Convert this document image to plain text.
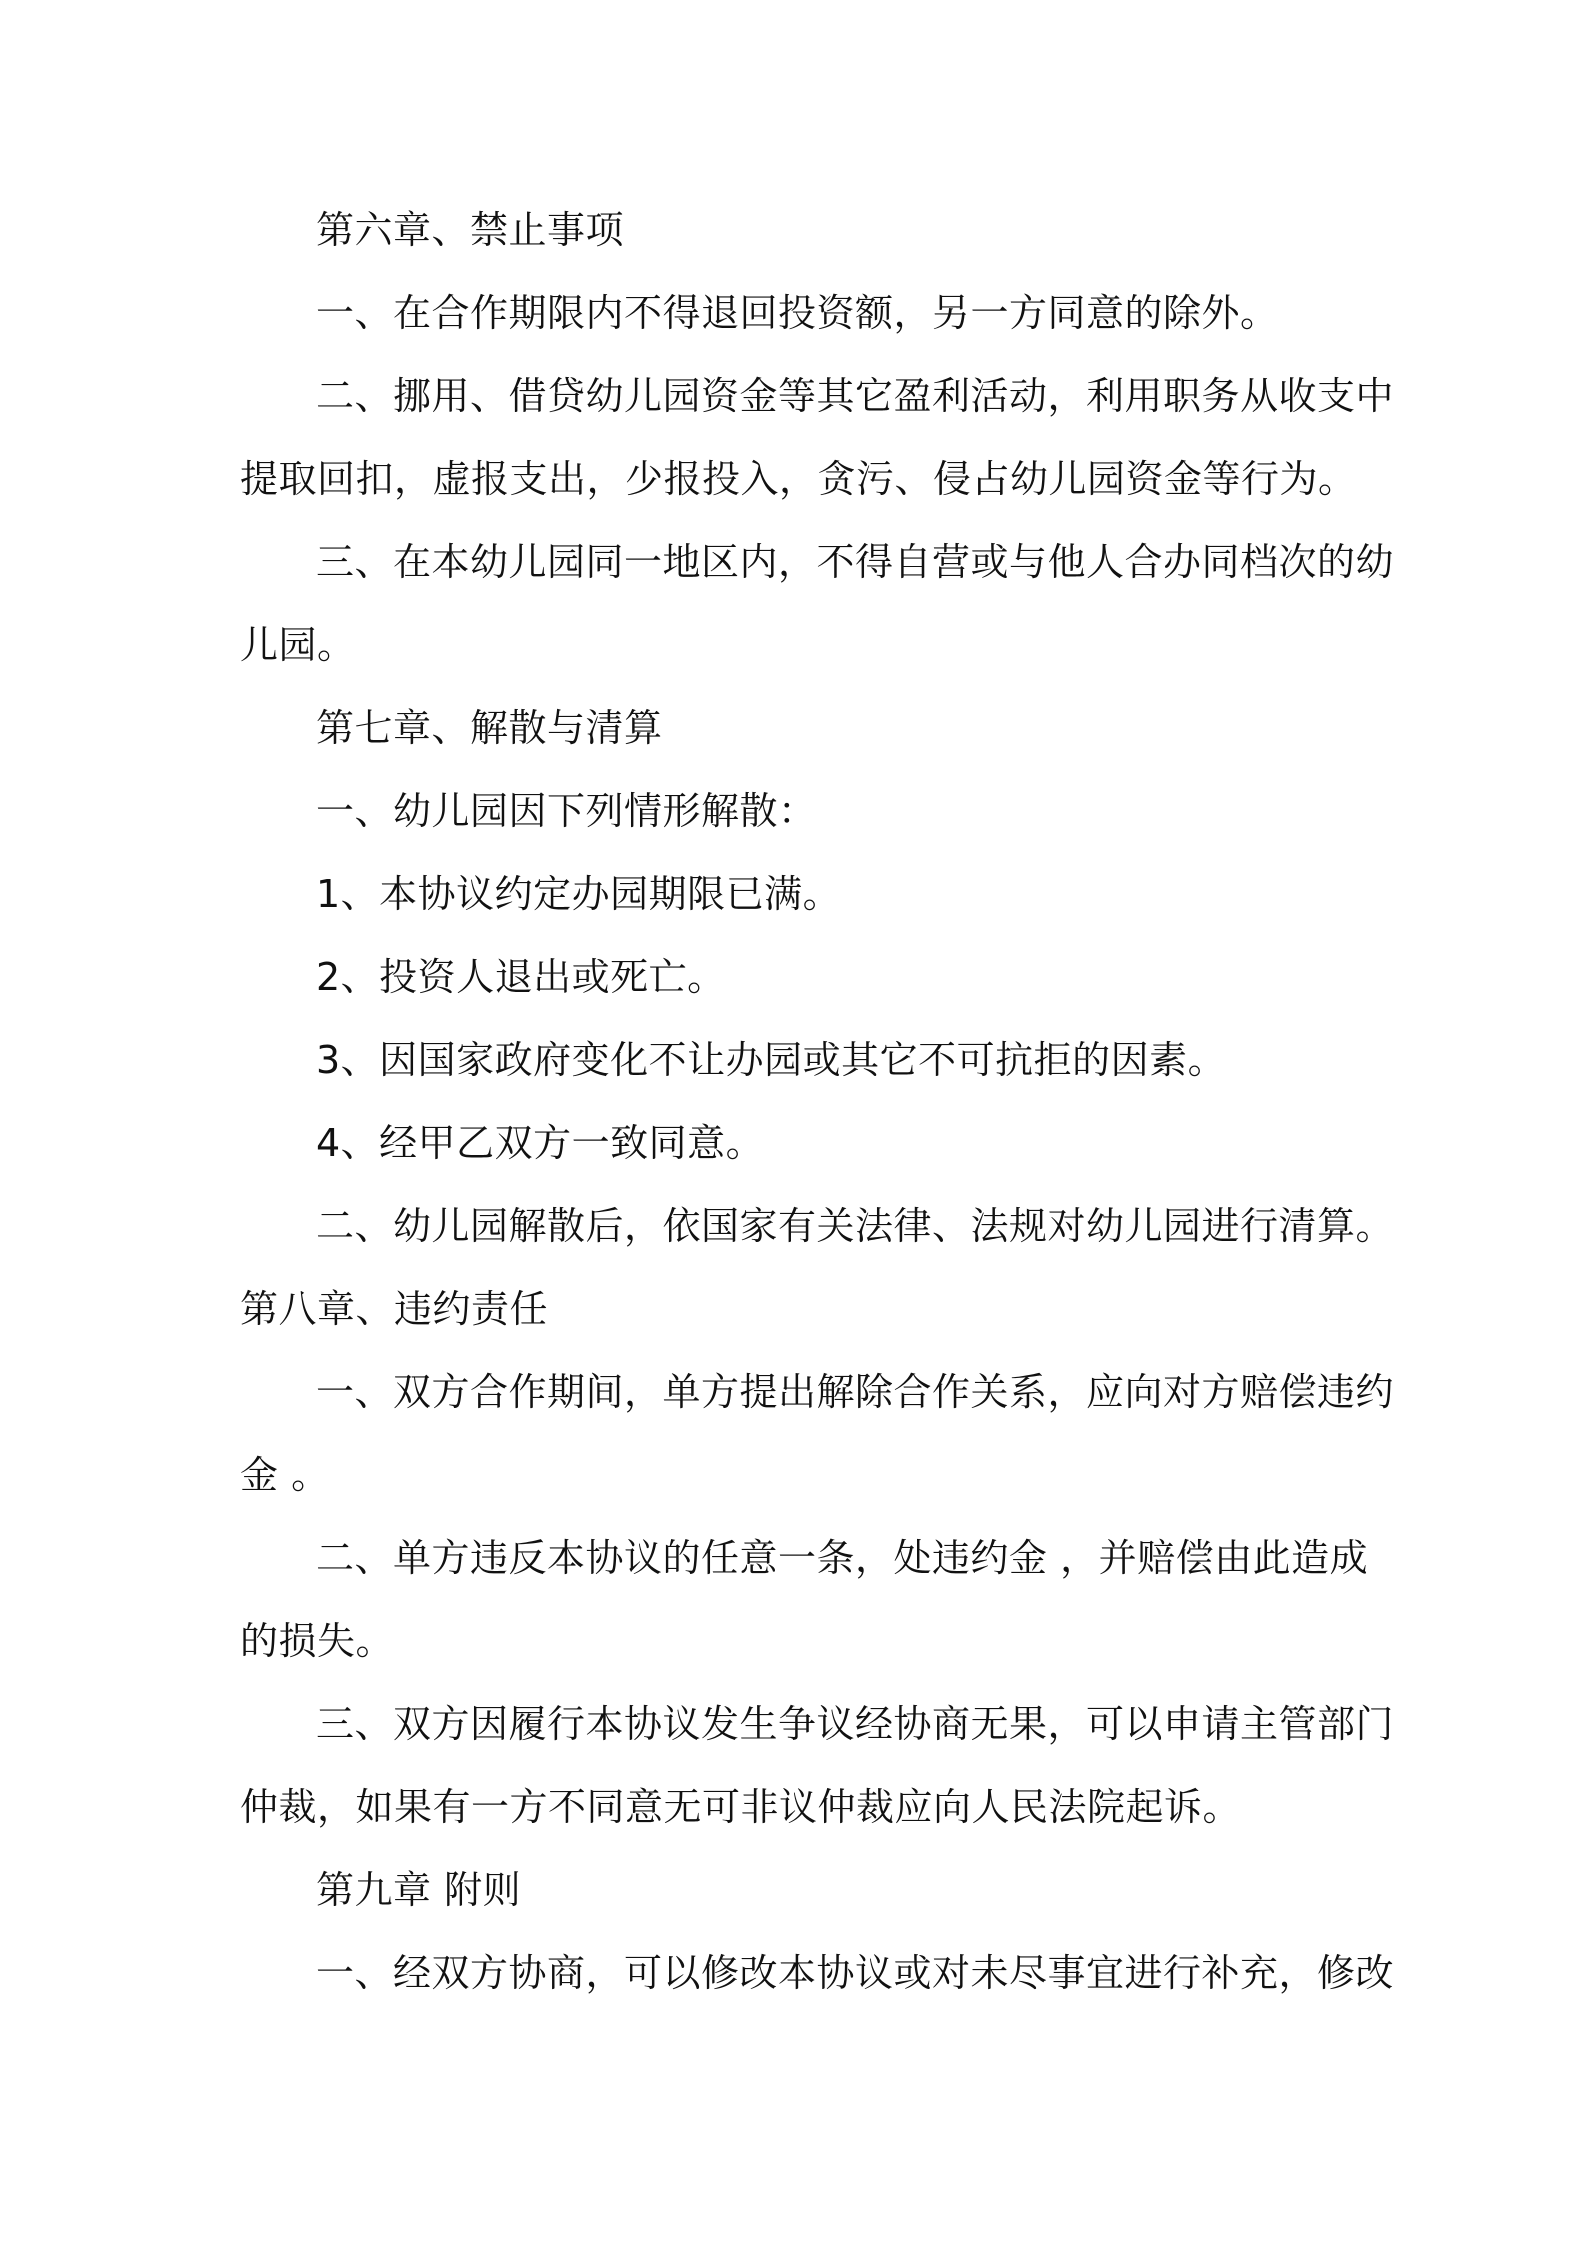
第六章、禁止事项
一、在合作期限内不得退回投资额，另一方同意的除外。
二、挪用、借贷幼儿园资金等其它盈利活动，利用职务从收支中
提取回扣，虚报支出，少报投入，贪污、侵占幼儿园资金等行为。
三、在本幼儿园同一地区内，不得自营或与他人合办同档次的幼
儿园。
第七章、解散与清算
一、幼儿园因下列情形解散：
1、本协议约定办园期限已满。
2、投资人退出或死亡。
3、因国家政府变化不让办园或其它不可抗拒的因素。
4、经甲乙双方一致同意。
二、幼儿园解散后，依国家有关法律、法规对幼儿园进行清算。
第八章、违约责任
一、双方合作期间，单方提出解除合作关系，应向对方赔偿违约
金 。
二、单方违反本协议的任意一条，处违约金 ，并赔偿由此造成
的损失。
三、双方因履行本协议发生争议经协商无果，可以申请主管部门
仲裁，如果有一方不同意无可非议仲裁应向人民法院起诉。
第九章 附则
一、经双方协商，可以修改本协议或对未尽事宜进行补充，修改
